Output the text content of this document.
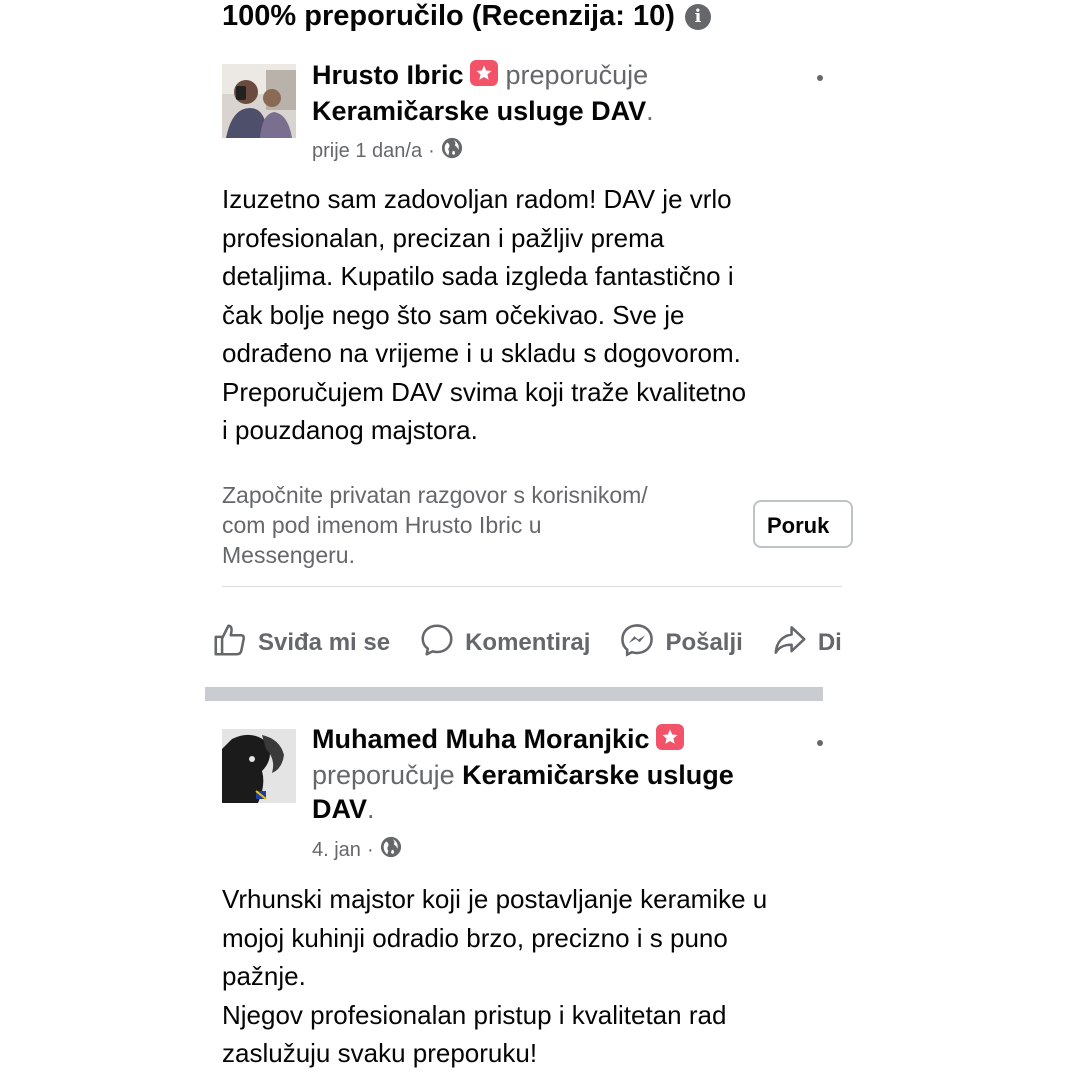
100% preporučilo (Recenzija: 10)	i
Hrusto Ibric preporučuje
Keramičarske usluge DAV.
prije 1 dan/a ·
Izuzetno sam zadovoljan radom! DAV je vrlo
profesionalan, precizan i pažljiv prema
detaljima. Kupatilo sada izgleda fantastično i
čak bolje nego što sam očekivao. Sve je
odrađeno na vrijeme i u skladu s dogovorom.
Preporučujem DAV svima koji traže kvalitetno
i pouzdanog majstora.
Započnite privatan razgovor s korisnikom/
com pod imenom Hrusto Ibric u
Messengeru.
Poruk
Sviđa mi se	Komentiraj	Pošalji	Di
Muhamed Muha Moranjkic
preporučuje Keramičarske usluge
DAV.
4. jan ·
Vrhunski majstor koji je postavljanje keramike u
mojoj kuhinji odradio brzo, precizno i s puno
pažnje.
Njegov profesionalan pristup i kvalitetan rad
zaslužuju svaku preporuku!
